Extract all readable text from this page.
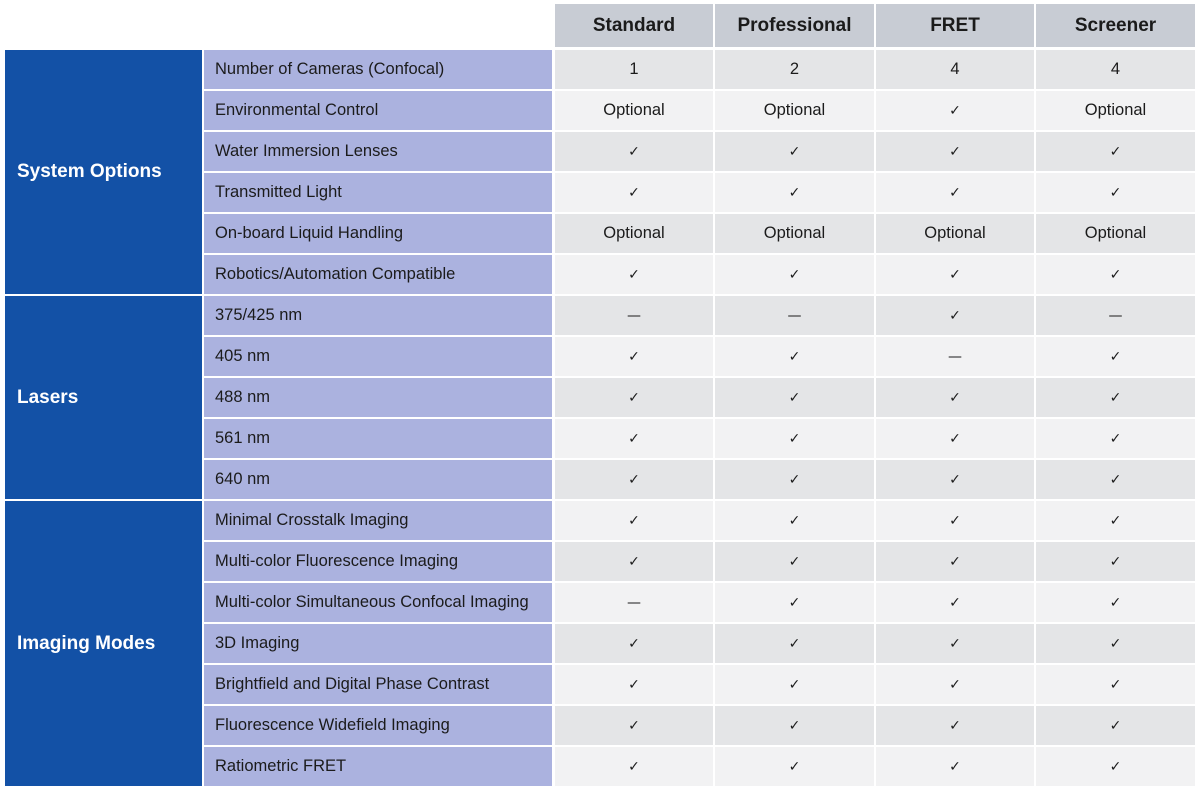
Standard	Professional	FRET	Screener
System Options
Number of Cameras (Confocal)	1	2	4	4
Environmental Control	Optional	Optional	✓	Optional
Water Immersion Lenses	✓	✓	✓	✓
Transmitted Light	✓	✓	✓	✓
On-board Liquid Handling	Optional	Optional	Optional	Optional
Robotics/Automation Compatible	✓	✓	✓	✓
Lasers
375/425 nm	—	—	✓	—
405 nm	✓	✓	—	✓
488 nm	✓	✓	✓	✓
561 nm	✓	✓	✓	✓
640 nm	✓	✓	✓	✓
Imaging Modes
Minimal Crosstalk Imaging	✓	✓	✓	✓
Multi-color Fluorescence Imaging	✓	✓	✓	✓
Multi-color Simultaneous Confocal Imaging	—	✓	✓	✓
3D Imaging	✓	✓	✓	✓
Brightfield and Digital Phase Contrast	✓	✓	✓	✓
Fluorescence Widefield Imaging	✓	✓	✓	✓
Ratiometric FRET	✓	✓	✓	✓
